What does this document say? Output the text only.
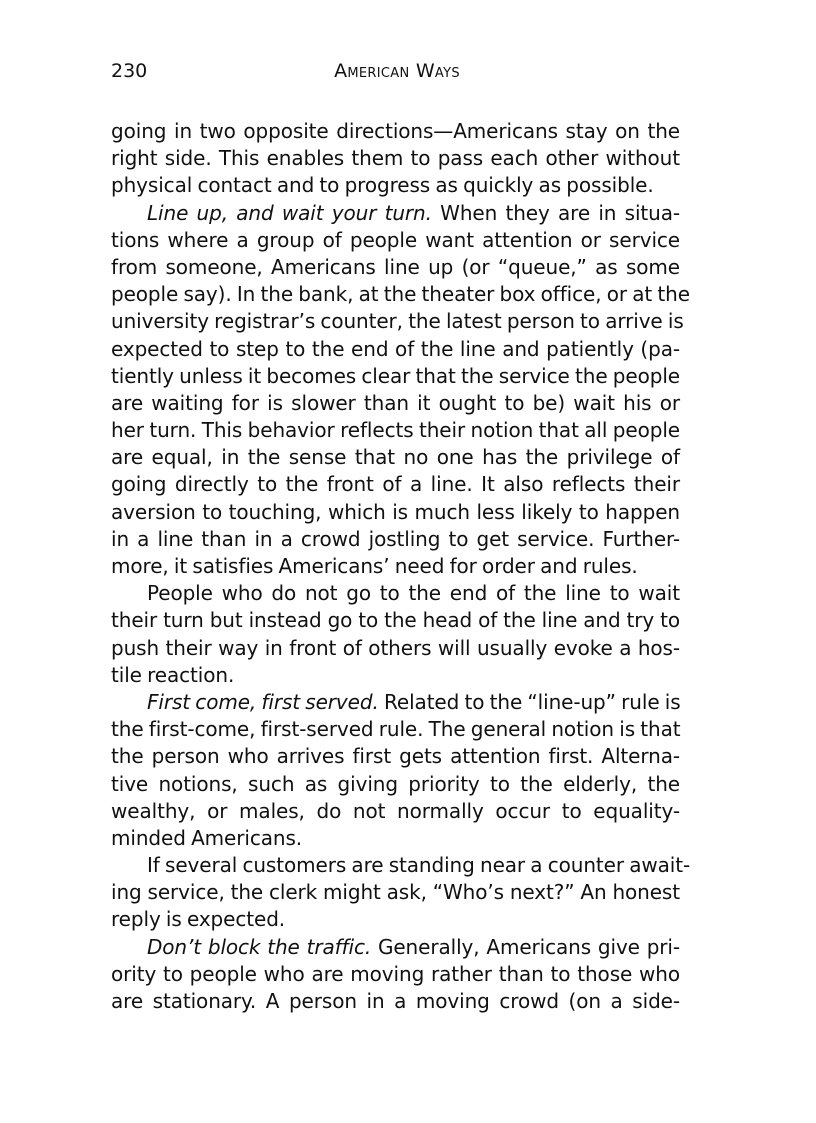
230	American Ways
going in two opposite directions—Americans stay on the
right side. This enables them to pass each other without
physical contact and to progress as quickly as possible.
Line up, and wait your turn. When they are in situa-
tions where a group of people want attention or service
from someone, Americans line up (or “queue,” as some
people say). In the bank, at the theater box office, or at the
university registrar’s counter, the latest person to arrive is
expected to step to the end of the line and patiently (pa-
tiently unless it becomes clear that the service the people
are waiting for is slower than it ought to be) wait his or
her turn. This behavior reflects their notion that all people
are equal, in the sense that no one has the privilege of
going directly to the front of a line. It also reflects their
aversion to touching, which is much less likely to happen
in a line than in a crowd jostling to get service. Further-
more, it satisfies Americans’ need for order and rules.
People who do not go to the end of the line to wait
their turn but instead go to the head of the line and try to
push their way in front of others will usually evoke a hos-
tile reaction.
First come, first served. Related to the “line-up” rule is
the first-come, first-served rule. The general notion is that
the person who arrives first gets attention first. Alterna-
tive notions, such as giving priority to the elderly, the
wealthy, or males, do not normally occur to equality-
minded Americans.
If several customers are standing near a counter await-
ing service, the clerk might ask, “Who’s next?” An honest
reply is expected.
Don’t block the traffic. Generally, Americans give pri-
ority to people who are moving rather than to those who
are stationary. A person in a moving crowd (on a side-
